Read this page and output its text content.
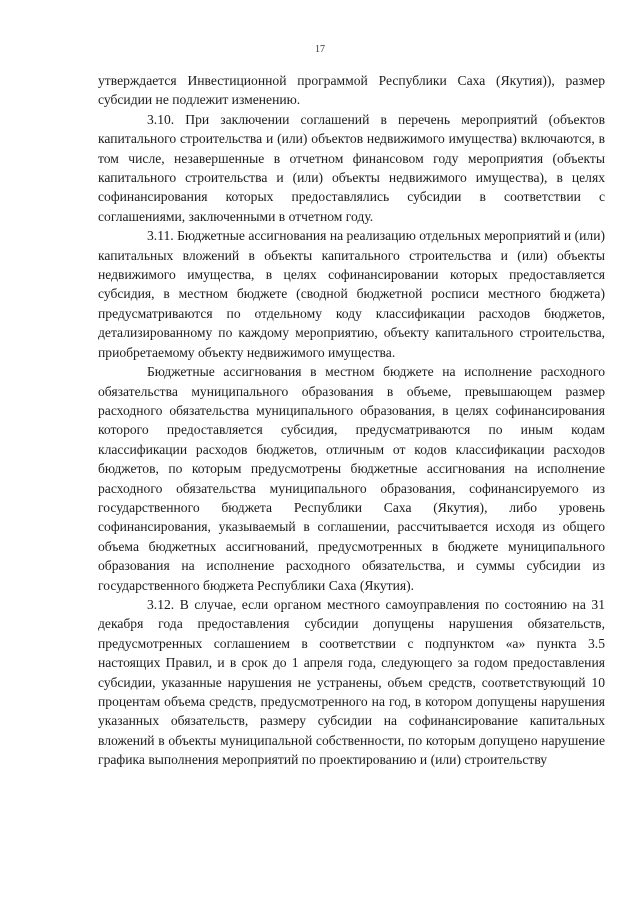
17

утверждается Инвестиционной программой Республики Саха (Якутия)), размер субсидии не подлежит изменению.

3.10. При заключении соглашений в перечень мероприятий (объектов капитального строительства и (или) объектов недвижимого имущества) включаются, в том числе, незавершенные в отчетном финансовом году мероприятия (объекты капитального строительства и (или) объекты недвижимого имущества), в целях софинансирования которых предоставлялись субсидии в соответствии с соглашениями, заключенными в отчетном году.

3.11. Бюджетные ассигнования на реализацию отдельных мероприятий и (или) капитальных вложений в объекты капитального строительства и (или) объекты недвижимого имущества, в целях софинансировании которых предоставляется субсидия, в местном бюджете (сводной бюджетной росписи местного бюджета) предусматриваются по отдельному коду классификации расходов бюджетов, детализированному по каждому мероприятию, объекту капитального строительства, приобретаемому объекту недвижимого имущества.

Бюджетные ассигнования в местном бюджете на исполнение расходного обязательства муниципального образования в объеме, превышающем размер расходного обязательства муниципального образования, в целях софинансирования которого предоставляется субсидия, предусматриваются по иным кодам классификации расходов бюджетов, отличным от кодов классификации расходов бюджетов, по которым предусмотрены бюджетные ассигнования на исполнение расходного обязательства муниципального образования, софинансируемого из государственного бюджета Республики Саха (Якутия), либо уровень софинансирования, указываемый в соглашении, рассчитывается исходя из общего объема бюджетных ассигнований, предусмотренных в бюджете муниципального образования на исполнение расходного обязательства, и суммы субсидии из государственного бюджета Республики Саха (Якутия).

3.12. В случае, если органом местного самоуправления по состоянию на 31 декабря года предоставления субсидии допущены нарушения обязательств, предусмотренных соглашением в соответствии с подпунктом «а» пункта 3.5 настоящих Правил, и в срок до 1 апреля года, следующего за годом предоставления субсидии, указанные нарушения не устранены, объем средств, соответствующий 10 процентам объема средств, предусмотренного на год, в котором допущены нарушения указанных обязательств, размеру субсидии на софинансирование капитальных вложений в объекты муниципальной собственности, по которым допущено нарушение графика выполнения мероприятий по проектированию и (или) строительству
